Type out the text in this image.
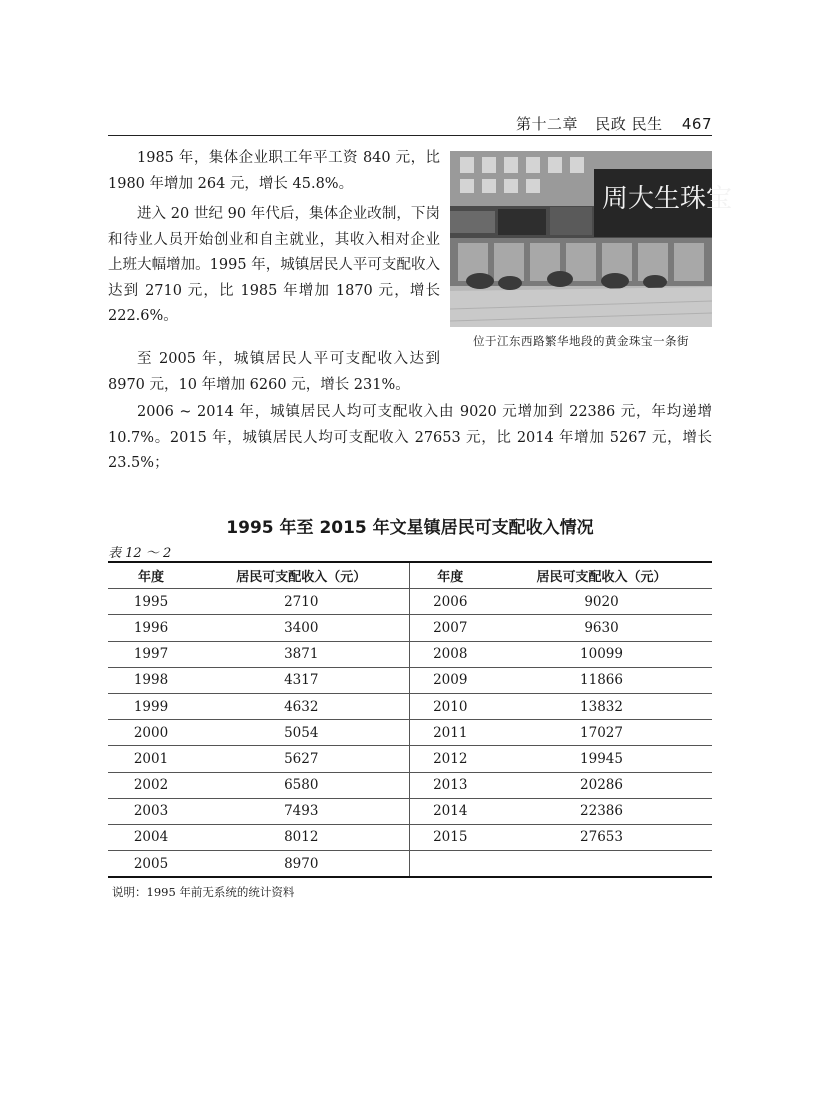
第十二章 民政 民生 467

1985 年，集体企业职工年平工资 840 元，比 1980 年增加 264 元，增长 45.8%。

进入 20 世纪 90 年代后，集体企业改制，下岗和待业人员开始创业和自主就业，其收入相对企业上班大幅增加。1995 年，城镇居民人平可支配收入达到 2710 元，比 1985 年增加 1870 元，增长 222.6%。

至 2005 年，城镇居民人平可支配收入达到 8970 元，10 年增加 6260 元，增长 231%。

2006 ~ 2014 年，城镇居民人均可支配收入由 9020 元增加到 22386 元，年均递增 10.7%。2015 年，城镇居民人均可支配收入 27653 元，比 2014 年增加 5267 元，增长 23.5%；

周大生珠宝
位于江东西路繁华地段的黄金珠宝一条街
1995 年至 2015 年文星镇居民可支配收入情况
表 12 ～ 2
年度	居民可支配收入（元）	年度	居民可支配收入（元）
1995	2710	2006	9020
1996	3400	2007	9630
1997	3871	2008	10099
1998	4317	2009	11866
1999	4632	2010	13832
2000	5054	2011	17027
2001	5627	2012	19945
2002	6580	2013	20286
2003	7493	2014	22386
2004	8012	2015	27653
2005	8970		
说明：1995 年前无系统的统计资料
